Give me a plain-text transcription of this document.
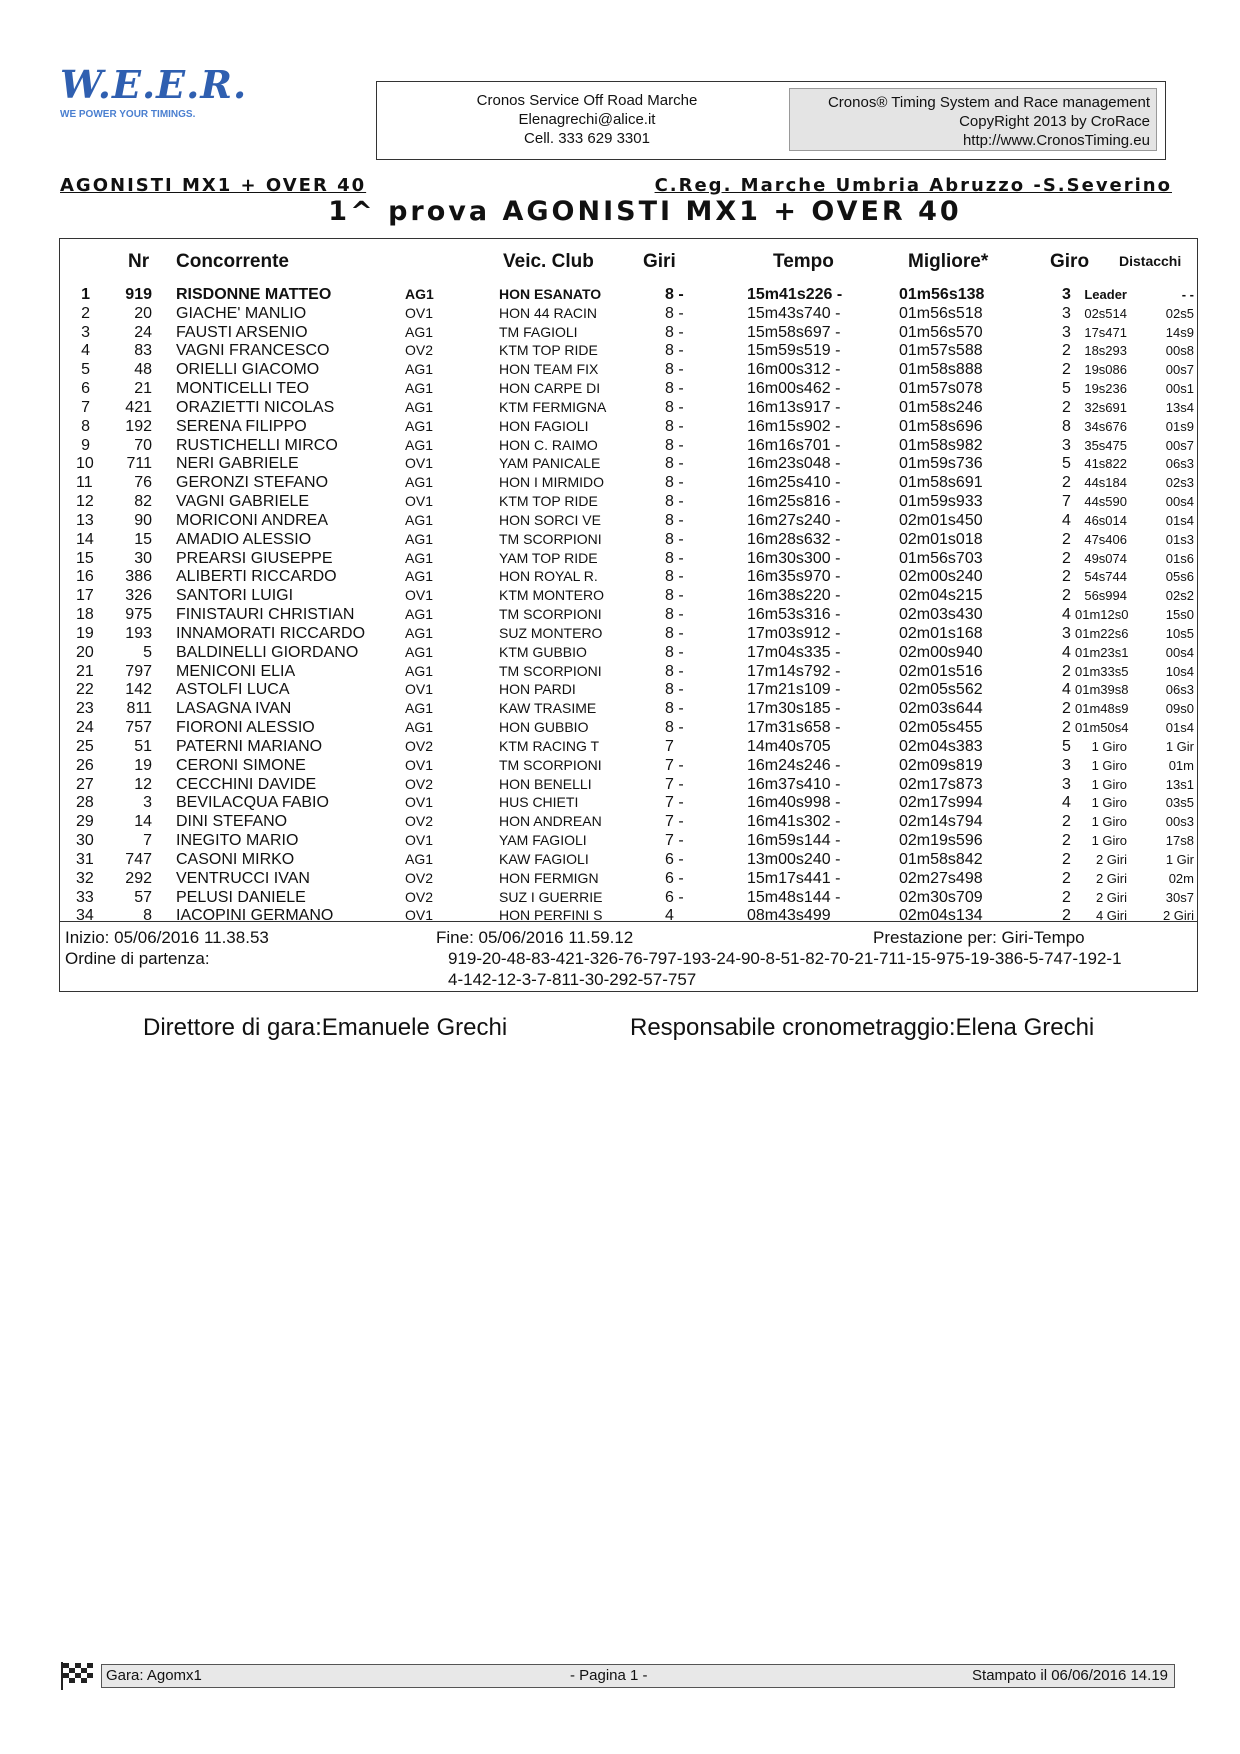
W.E.E.R.
WE POWER YOUR TIMINGS.
Cronos Service Off Road Marche
Elenagrechi@alice.it
Cell. 333 629 3301
Cronos® Timing System and Race management
CopyRight 2013 by CroRace
http://www.CronosTiming.eu
AGONISTI MX1 + OVER 40	C.Reg. Marche Umbria Abruzzo -S.Severino
1^ prova AGONISTI MX1 + OVER 40
Nr Concorrente	Veic. Club	Giri	Tempo	Migliore*	Giro Distacchi
1	919 RISDONNE MATTEO	AG1	HON ESANATO	8 -	15m41s226 -	01m56s138	3	Leader	- -
2	20 GIACHE' MANLIO	OV1	HON 44 RACIN	8 -	15m43s740 -	01m56s518	3	02s514	02s5
3	24 FAUSTI ARSENIO	AG1	TM FAGIOLI	8 -	15m58s697 -	01m56s570	3	17s471	14s9
4	83 VAGNI FRANCESCO	OV2	KTM TOP RIDE	8 -	15m59s519 -	01m57s588	2	18s293	00s8
5	48 ORIELLI GIACOMO	AG1	HON TEAM FIX	8 -	16m00s312 -	01m58s888	2	19s086	00s7
6	21 MONTICELLI TEO	AG1	HON CARPE DI	8 -	16m00s462 -	01m57s078	5	19s236	00s1
7	421 ORAZIETTI NICOLAS	AG1	KTM FERMIGNA	8 -	16m13s917 -	01m58s246	2	32s691	13s4
8	192 SERENA FILIPPO	AG1	HON FAGIOLI	8 -	16m15s902 -	01m58s696	8	34s676	01s9
9	70 RUSTICHELLI MIRCO	AG1	HON C. RAIMO	8 -	16m16s701 -	01m58s982	3	35s475	00s7
10	711 NERI GABRIELE	OV1	YAM PANICALE	8 -	16m23s048 -	01m59s736	5	41s822	06s3
11	76 GERONZI STEFANO	AG1	HON I MIRMIDO	8 -	16m25s410 -	01m58s691	2	44s184	02s3
12	82 VAGNI GABRIELE	OV1	KTM TOP RIDE	8 -	16m25s816 -	01m59s933	7	44s590	00s4
13	90 MORICONI ANDREA	AG1	HON SORCI VE	8 -	16m27s240 -	02m01s450	4	46s014	01s4
14	15 AMADIO ALESSIO	AG1	TM SCORPIONI	8 -	16m28s632 -	02m01s018	2	47s406	01s3
15	30 PREARSI GIUSEPPE	AG1	YAM TOP RIDE	8 -	16m30s300 -	01m56s703	2	49s074	01s6
16	386 ALIBERTI RICCARDO	AG1	HON ROYAL R.	8 -	16m35s970 -	02m00s240	2	54s744	05s6
17	326 SANTORI LUIGI	OV1	KTM MONTERO	8 -	16m38s220 -	02m04s215	2	56s994	02s2
18	975 FINISTAURI CHRISTIAN	AG1	TM SCORPIONI	8 -	16m53s316 -	02m03s430	4 01m12s0	15s0
19	193 INNAMORATI RICCARDO	AG1	SUZ MONTERO	8 -	17m03s912 -	02m01s168	3 01m22s6	10s5
20	5 BALDINELLI GIORDANO	AG1	KTM GUBBIO	8 -	17m04s335 -	02m00s940	4 01m23s1	00s4
21	797 MENICONI ELIA	AG1	TM SCORPIONI	8 -	17m14s792 -	02m01s516	2 01m33s5	10s4
22	142 ASTOLFI LUCA	OV1	HON PARDI	8 -	17m21s109 -	02m05s562	4 01m39s8	06s3
23	811 LASAGNA IVAN	AG1	KAW TRASIME	8 -	17m30s185 -	02m03s644	2 01m48s9	09s0
24	757 FIORONI ALESSIO	AG1	HON GUBBIO	8 -	17m31s658 -	02m05s455	2 01m50s4	01s4
25	51 PATERNI MARIANO	OV2	KTM RACING T	7	14m40s705	02m04s383	5	1 Giro	1 Gir
26	19 CERONI SIMONE	OV1	TM SCORPIONI	7 -	16m24s246 -	02m09s819	3	1 Giro	01m
27	12 CECCHINI DAVIDE	OV2	HON BENELLI	7 -	16m37s410 -	02m17s873	3	1 Giro	13s1
28	3 BEVILACQUA FABIO	OV1	HUS CHIETI	7 -	16m40s998 -	02m17s994	4	1 Giro	03s5
29	14 DINI STEFANO	OV2	HON ANDREAN	7 -	16m41s302 -	02m14s794	2	1 Giro	00s3
30	7 INEGITO MARIO	OV1	YAM FAGIOLI	7 -	16m59s144 -	02m19s596	2	1 Giro	17s8
31	747 CASONI MIRKO	AG1	KAW FAGIOLI	6 -	13m00s240 -	01m58s842	2	2 Giri	1 Gir
32	292 VENTRUCCI IVAN	OV2	HON FERMIGN	6 -	15m17s441 -	02m27s498	2	2 Giri	02m
33	57 PELUSI DANIELE	OV2	SUZ I GUERRIE	6 -	15m48s144 -	02m30s709	2	2 Giri	30s7
34	8 IACOPINI GERMANO	OV1	HON PERFINI S	4	08m43s499	02m04s134	2	4 Giri	2 Giri
Inizio: 05/06/2016 11.38.53	Fine: 05/06/2016 11.59.12	Prestazione per: Giri-Tempo
Ordine di partenza:	919-20-48-83-421-326-76-797-193-24-90-8-51-82-70-21-711-15-975-19-386-5-747-192-1
4-142-12-3-7-811-30-292-57-757
Direttore di gara:Emanuele Grechi	Responsabile cronometraggio:Elena Grechi
Gara: Agomx1	- Pagina 1 -	Stampato il 06/06/2016 14.19
